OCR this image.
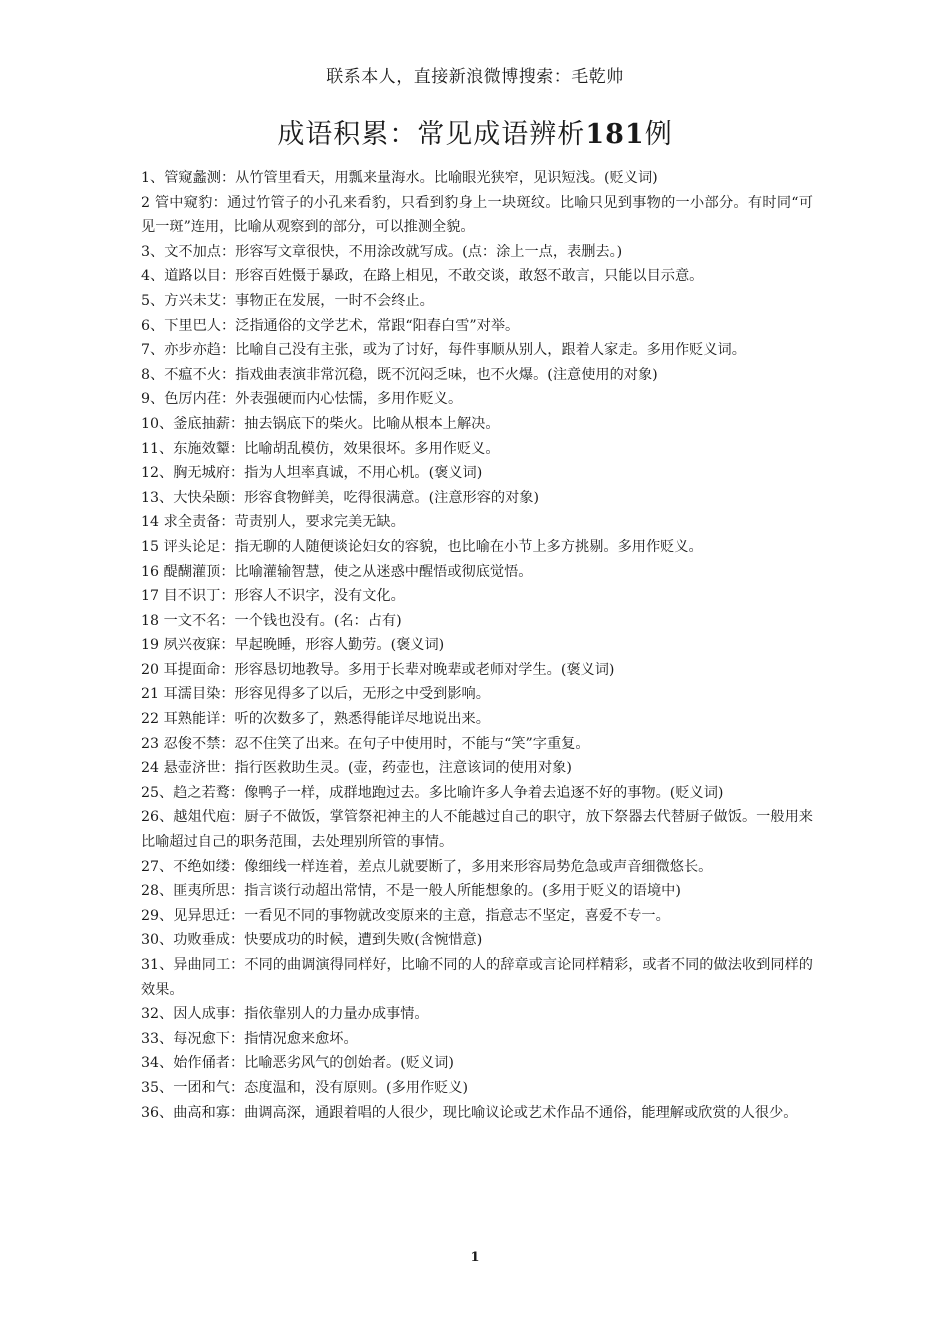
联系本人，直接新浪微博搜索：毛乾帅
成语积累：常见成语辨析181例

1、管窥蠡测：从竹管里看天，用瓢来量海水。比喻眼光狭窄，见识短浅。(贬义词)

2 管中窥豹：通过竹管子的小孔来看豹，只看到豹身上一块斑纹。比喻只见到事物的一小部分。有时同“可见一斑”连用，比喻从观察到的部分，可以推测全貌。

3、文不加点：形容写文章很快，不用涂改就写成。(点：涂上一点，表删去。)

4、道路以目：形容百姓慑于暴政，在路上相见，不敢交谈，敢怒不敢言，只能以目示意。

5、方兴未艾：事物正在发展，一时不会终止。

6、下里巴人：泛指通俗的文学艺术，常跟“阳春白雪”对举。

7、亦步亦趋：比喻自己没有主张，或为了讨好，每件事顺从别人，跟着人家走。多用作贬义词。

8、不瘟不火：指戏曲表演非常沉稳，既不沉闷乏味，也不火爆。(注意使用的对象)

9、色厉内荏：外表强硬而内心怯懦，多用作贬义。

10、釜底抽薪：抽去锅底下的柴火。比喻从根本上解决。

11、东施效颦：比喻胡乱模仿，效果很坏。多用作贬义。

12、胸无城府：指为人坦率真诚，不用心机。(褒义词)

13、大快朵颐：形容食物鲜美，吃得很满意。(注意形容的对象)

14 求全责备：苛责别人，要求完美无缺。

15 评头论足：指无聊的人随便谈论妇女的容貌，也比喻在小节上多方挑剔。多用作贬义。

16 醍醐灌顶：比喻灌输智慧，使之从迷惑中醒悟或彻底觉悟。

17 目不识丁：形容人不识字，没有文化。

18 一文不名：一个钱也没有。(名：占有)

19 夙兴夜寐：早起晚睡，形容人勤劳。(褒义词)

20 耳提面命：形容恳切地教导。多用于长辈对晚辈或老师对学生。(褒义词)

21 耳濡目染：形容见得多了以后，无形之中受到影响。

22 耳熟能详：听的次数多了，熟悉得能详尽地说出来。

23 忍俊不禁：忍不住笑了出来。在句子中使用时，不能与“笑”字重复。

24 悬壶济世：指行医救助生灵。(壶，药壶也，注意该词的使用对象)

25、趋之若鹜：像鸭子一样，成群地跑过去。多比喻许多人争着去追逐不好的事物。(贬义词)

26、越俎代庖：厨子不做饭，掌管祭祀神主的人不能越过自己的职守，放下祭器去代替厨子做饭。一般用来比喻超过自己的职务范围，去处理别所管的事情。

27、不绝如缕：像细线一样连着，差点儿就要断了，多用来形容局势危急或声音细微悠长。

28、匪夷所思：指言谈行动超出常情，不是一般人所能想象的。(多用于贬义的语境中)

29、见异思迁：一看见不同的事物就改变原来的主意，指意志不坚定，喜爱不专一。

30、功败垂成：快要成功的时候，遭到失败(含惋惜意)

31、异曲同工：不同的曲调演得同样好，比喻不同的人的辞章或言论同样精彩，或者不同的做法收到同样的效果。

32、因人成事：指依靠别人的力量办成事情。

33、每况愈下：指情况愈来愈坏。

34、始作俑者：比喻恶劣风气的创始者。(贬义词)

35、一团和气：态度温和，没有原则。(多用作贬义)

36、曲高和寡：曲调高深，通跟着唱的人很少，现比喻议论或艺术作品不通俗，能理解或欣赏的人很少。

1
